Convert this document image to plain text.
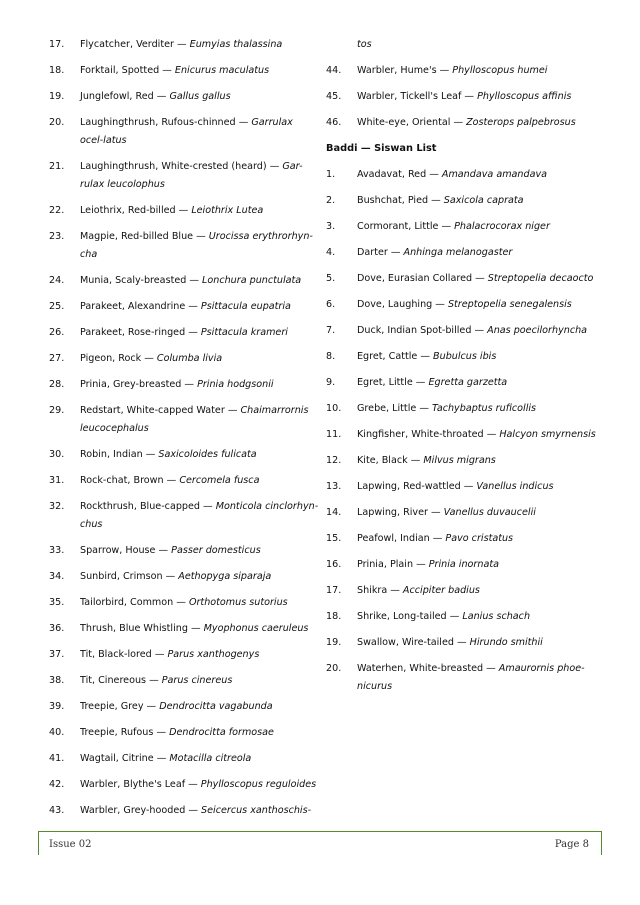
17.	Flycatcher, Verditer — Eumyias thalassina
18.	Forktail, Spotted — Enicurus maculatus
19.	Junglefowl, Red — Gallus gallus
20.	Laughingthrush, Rufous-chinned — Garrulax ocel-latus
21.	Laughingthrush, White-crested (heard) — Gar-rulax leucolophus
22.	Leiothrix, Red-billed — Leiothrix Lutea
23.	Magpie, Red-billed Blue — Urocissa erythrorhyn-cha
24.	Munia, Scaly-breasted — Lonchura punctulata
25.	Parakeet, Alexandrine — Psittacula eupatria
26.	Parakeet, Rose-ringed — Psittacula krameri
27.	Pigeon, Rock — Columba livia
28.	Prinia, Grey-breasted — Prinia hodgsonii
29.	Redstart, White-capped Water — Chaimarrornis leucocephalus
30.	Robin, Indian — Saxicoloides fulicata
31.	Rock-chat, Brown — Cercomela fusca
32.	Rockthrush, Blue-capped — Monticola cinclorhyn-chus
33.	Sparrow, House — Passer domesticus
34.	Sunbird, Crimson — Aethopyga siparaja
35.	Tailorbird, Common — Orthotomus sutorius
36.	Thrush, Blue Whistling — Myophonus caeruleus
37.	Tit, Black-lored — Parus xanthogenys
38.	Tit, Cinereous — Parus cinereus
39.	Treepie, Grey — Dendrocitta vagabunda
40.	Treepie, Rufous — Dendrocitta formosae
41.	Wagtail, Citrine — Motacilla citreola
42.	Warbler, Blythe's Leaf — Phylloscopus reguloides
43.	Warbler, Grey-hooded — Seicercus xanthoschis-
tos
44.	Warbler, Hume's — Phylloscopus humei
45.	Warbler, Tickell's Leaf — Phylloscopus affinis
46.	White-eye, Oriental — Zosterops palpebrosus
Baddi — Siswan List
1.	Avadavat, Red — Amandava amandava
2.	Bushchat, Pied — Saxicola caprata
3.	Cormorant, Little — Phalacrocorax niger
4.	Darter — Anhinga melanogaster
5.	Dove, Eurasian Collared — Streptopelia decaocto
6.	Dove, Laughing — Streptopelia senegalensis
7.	Duck, Indian Spot-billed — Anas poecilorhyncha
8.	Egret, Cattle — Bubulcus ibis
9.	Egret, Little — Egretta garzetta
10.	Grebe, Little — Tachybaptus ruficollis
11.	Kingfisher, White-throated — Halcyon smyrnensis
12.	Kite, Black — Milvus migrans
13.	Lapwing, Red-wattled — Vanellus indicus
14.	Lapwing, River — Vanellus duvaucelii
15.	Peafowl, Indian — Pavo cristatus
16.	Prinia, Plain — Prinia inornata
17.	Shikra — Accipiter badius
18.	Shrike, Long-tailed — Lanius schach
19.	Swallow, Wire-tailed — Hirundo smithii
20.	Waterhen, White-breasted — Amaurornis phoe-nicurus
Issue 02	Page 8
